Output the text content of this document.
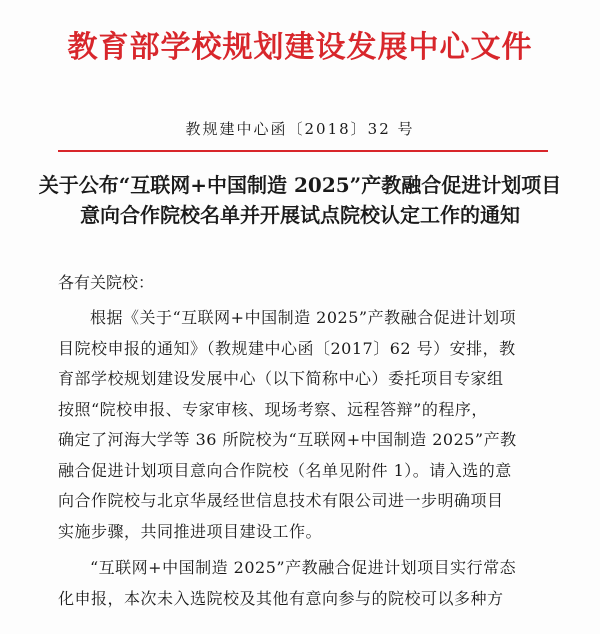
教育部学校规划建设发展中心文件
教规建中心函〔2018〕32 号
关于公布“互联网+中国制造 2025”产教融合促进计划项目
意向合作院校名单并开展试点院校认定工作的通知
各有关院校：
根据《关于“互联网+中国制造 2025”产教融合促进计划项
目院校申报的通知》（教规建中心函〔2017〕62 号）安排，教
育部学校规划建设发展中心（以下简称中心）委托项目专家组
按照“院校申报、专家审核、现场考察、远程答辩”的程序，
确定了河海大学等 36 所院校为“互联网+中国制造 2025”产教
融合促进计划项目意向合作院校（名单见附件 1）。请入选的意
向合作院校与北京华晟经世信息技术有限公司进一步明确项目
实施步骤，共同推进项目建设工作。
“互联网+中国制造 2025”产教融合促进计划项目实行常态
化申报，本次未入选院校及其他有意向参与的院校可以多种方
